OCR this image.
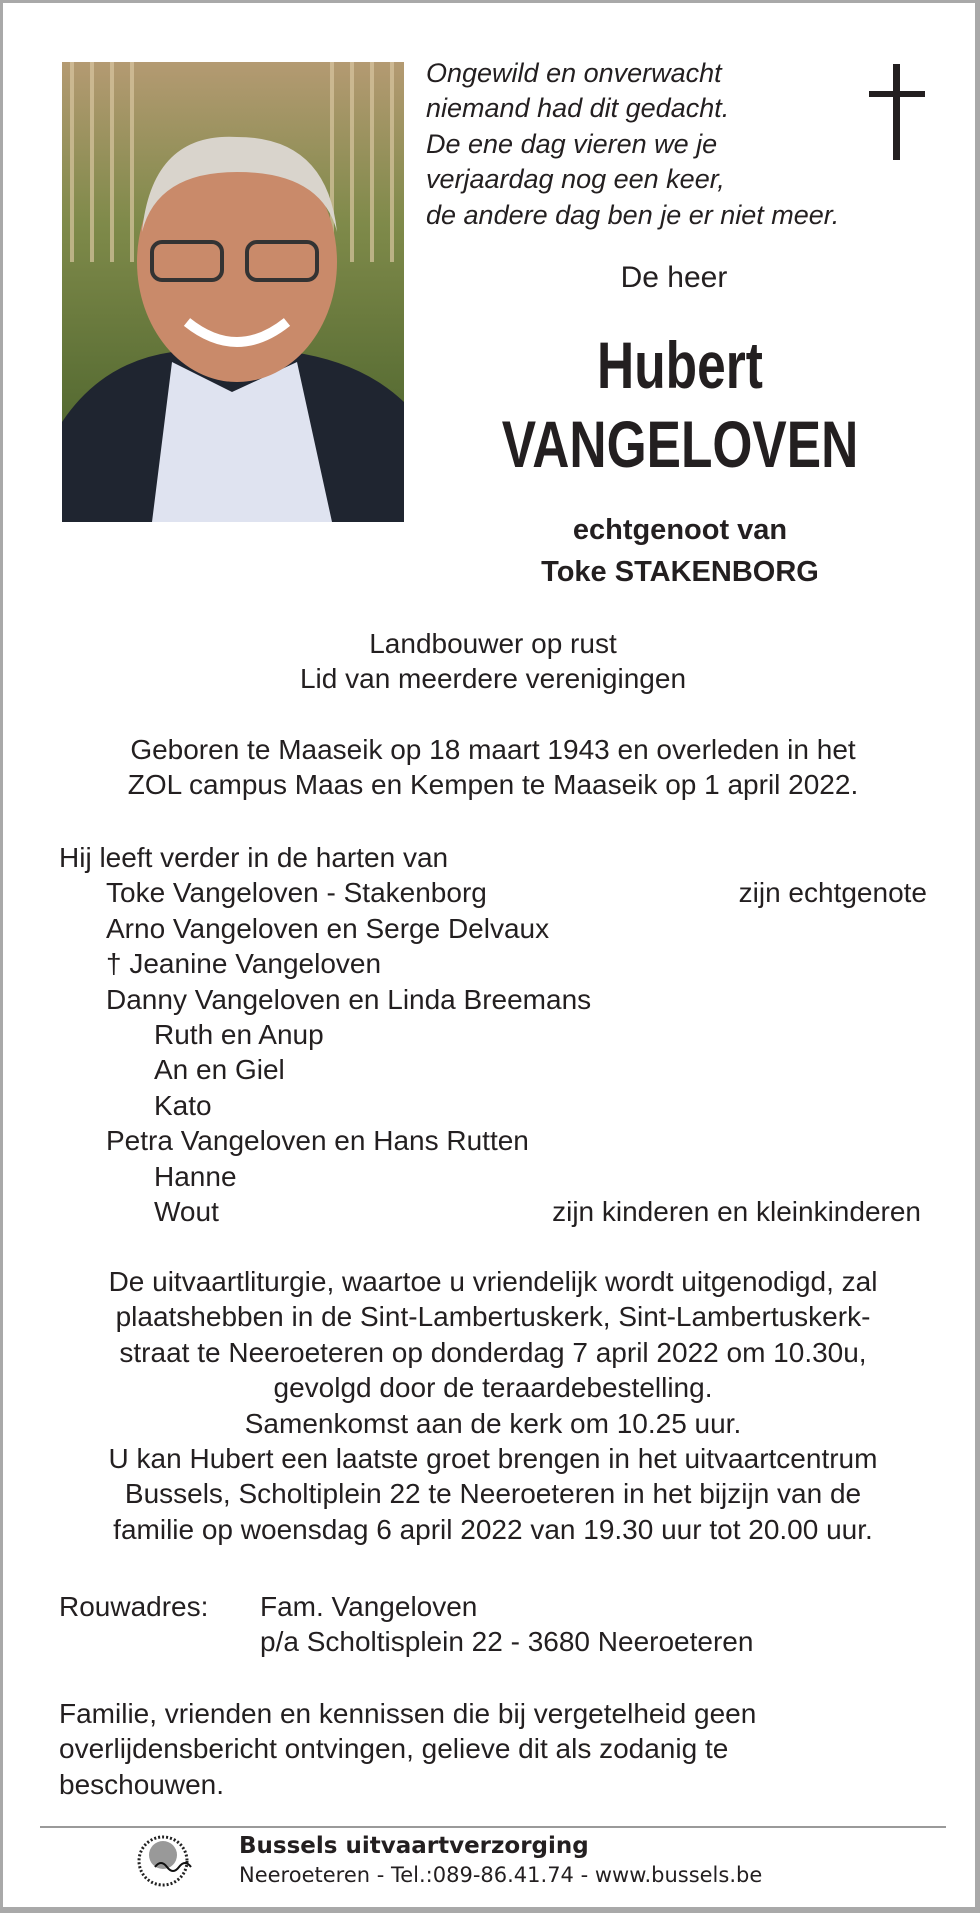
Ongewild en onverwacht
niemand had dit gedacht.
De ene dag vieren we je
verjaardag nog een keer,
de andere dag ben je er niet meer.
De heer
Hubert
VANGELOVEN
echtgenoot van
Toke STAKENBORG
Landbouwer op rust
Lid van meerdere verenigingen
Geboren te Maaseik op 18 maart 1943 en overleden in het
ZOL campus Maas en Kempen te Maaseik op 1 april 2022.
Hij leeft verder in de harten van
Toke Vangeloven - Stakenborg	zijn echtgenote
Arno Vangeloven en Serge Delvaux
† Jeanine Vangeloven
Danny Vangeloven en Linda Breemans
Ruth en Anup
An en Giel
Kato
Petra Vangeloven en Hans Rutten
Hanne
Wout	zijn kinderen en kleinkinderen
De uitvaartliturgie, waartoe u vriendelijk wordt uitgenodigd, zal
plaatshebben in de Sint-Lambertuskerk, Sint-Lambertuskerk-
straat te Neeroeteren op donderdag 7 april 2022 om 10.30u,
gevolgd door de teraardebestelling.
Samenkomst aan de kerk om 10.25 uur.
U kan Hubert een laatste groet brengen in het uitvaartcentrum
Bussels, Scholtiplein 22 te Neeroeteren in het bijzijn van de
familie op woensdag 6 april 2022 van 19.30 uur tot 20.00 uur.
Rouwadres: Fam. Vangeloven
p/a Scholtisplein 22 - 3680 Neeroeteren
Familie, vrienden en kennissen die bij vergetelheid geen
overlijdensbericht ontvingen, gelieve dit als zodanig te
beschouwen.
Bussels uitvaartverzorging
Neeroeteren - Tel.:089-86.41.74 - www.bussels.be
